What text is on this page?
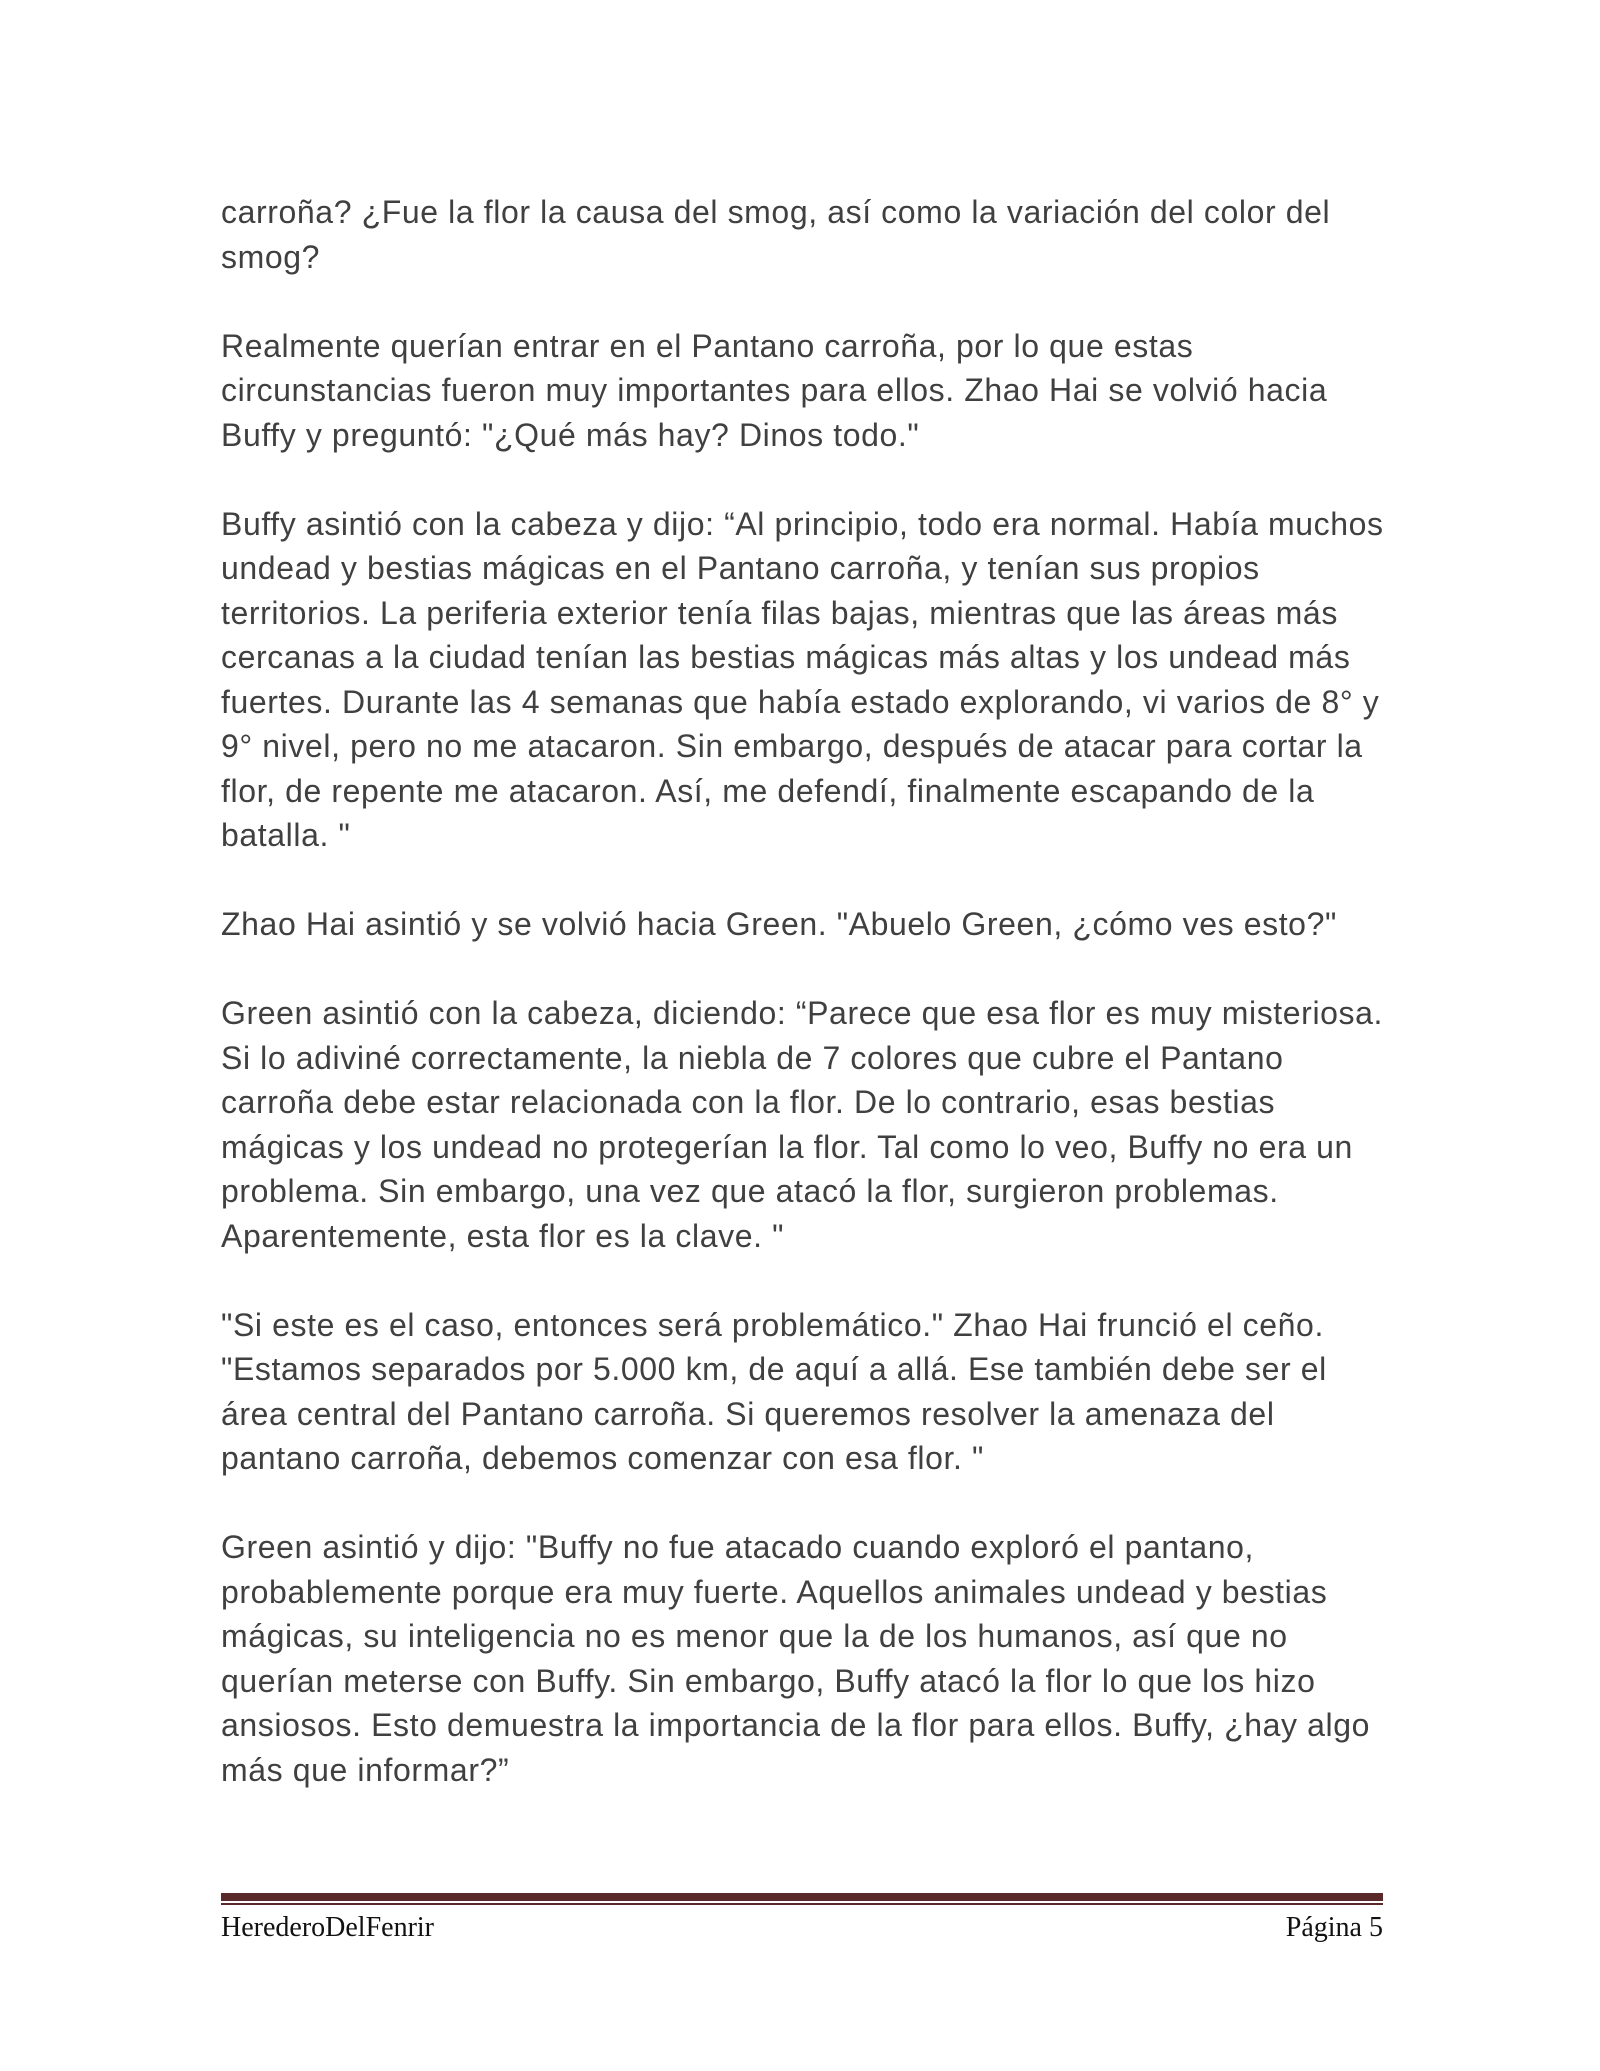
carroña? ¿Fue la flor la causa del smog, así como la variación del color del smog?

Realmente querían entrar en el Pantano carroña, por lo que estas circunstancias fueron muy importantes para ellos. Zhao Hai se volvió hacia Buffy y preguntó: "¿Qué más hay? Dinos todo."

Buffy asintió con la cabeza y dijo: “Al principio, todo era normal. Había muchos undead y bestias mágicas en el Pantano carroña, y tenían sus propios territorios. La periferia exterior tenía filas bajas, mientras que las áreas más cercanas a la ciudad tenían las bestias mágicas más altas y los undead más fuertes. Durante las 4 semanas que había estado explorando, vi varios de 8° y 9° nivel, pero no me atacaron. Sin embargo, después de atacar para cortar la flor, de repente me atacaron. Así, me defendí, finalmente escapando de la batalla. "

Zhao Hai asintió y se volvió hacia Green. "Abuelo Green, ¿cómo ves esto?"

Green asintió con la cabeza, diciendo: “Parece que esa flor es muy misteriosa. Si lo adiviné correctamente, la niebla de 7 colores que cubre el Pantano carroña debe estar relacionada con la flor. De lo contrario, esas bestias mágicas y los undead no protegerían la flor. Tal como lo veo, Buffy no era un problema. Sin embargo, una vez que atacó la flor, surgieron problemas. Aparentemente, esta flor es la clave. "

"Si este es el caso, entonces será problemático." Zhao Hai frunció el ceño. "Estamos separados por 5.000 km, de aquí a allá. Ese también debe ser el área central del Pantano carroña. Si queremos resolver la amenaza del pantano carroña, debemos comenzar con esa flor. "

Green asintió y dijo: "Buffy no fue atacado cuando exploró el pantano, probablemente porque era muy fuerte. Aquellos animales undead y bestias mágicas, su inteligencia no es menor que la de los humanos, así que no querían meterse con Buffy. Sin embargo, Buffy atacó la flor lo que los hizo ansiosos. Esto demuestra la importancia de la flor para ellos. Buffy, ¿hay algo más que informar?”

HerederoDelFenrir	Página 5
